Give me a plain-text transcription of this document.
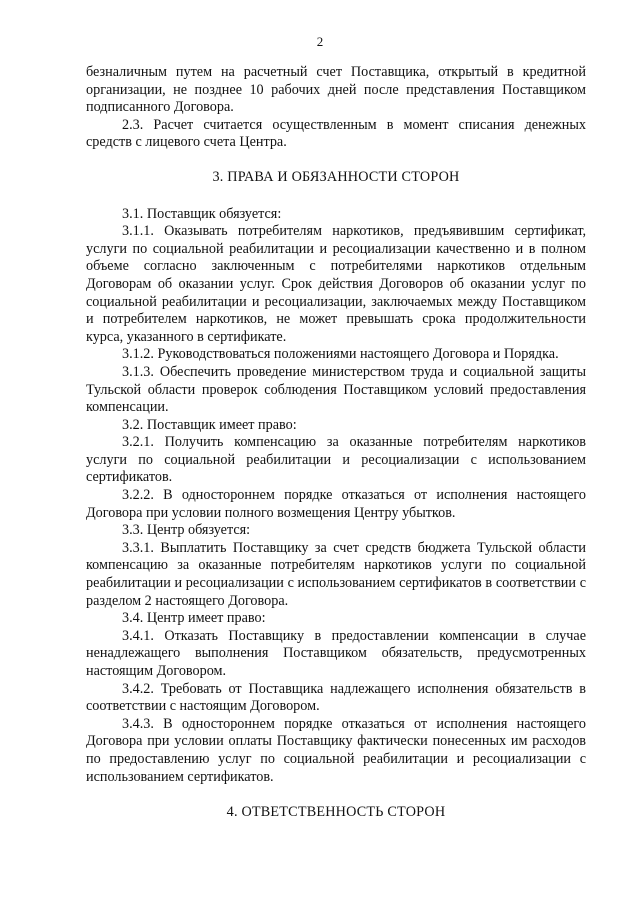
2

безналичным путем на расчетный счет Поставщика, открытый в кредитной организации, не позднее 10 рабочих дней после представления Поставщиком подписанного Договора.

2.3. Расчет считается осуществленным в момент списания денежных средств с лицевого счета Центра.

3. ПРАВА И ОБЯЗАННОСТИ СТОРОН

3.1. Поставщик обязуется:

3.1.1. Оказывать потребителям наркотиков, предъявившим сертификат, услуги по социальной реабилитации и ресоциализации качественно и в полном объеме согласно заключенным с потребителями наркотиков отдельным Договорам об оказании услуг. Срок действия Договоров об оказании услуг по социальной реабилитации и ресоциализации, заключаемых между Поставщиком и потребителем наркотиков, не может превышать срока продолжительности курса, указанного в сертификате.

3.1.2. Руководствоваться положениями настоящего Договора и Порядка.

3.1.3. Обеспечить проведение министерством труда и социальной защиты Тульской области проверок соблюдения Поставщиком условий предоставления компенсации.

3.2. Поставщик имеет право:

3.2.1. Получить компенсацию за оказанные потребителям наркотиков услуги по социальной реабилитации и ресоциализации с использованием сертификатов.

3.2.2. В одностороннем порядке отказаться от исполнения настоящего Договора при условии полного возмещения Центру убытков.

3.3. Центр обязуется:

3.3.1. Выплатить Поставщику за счет средств бюджета Тульской области компенсацию за оказанные потребителям наркотиков услуги по социальной реабилитации и ресоциализации с использованием сертификатов в соответствии с разделом 2 настоящего Договора.

3.4. Центр имеет право:

3.4.1. Отказать Поставщику в предоставлении компенсации в случае ненадлежащего выполнения Поставщиком обязательств, предусмотренных настоящим Договором.

3.4.2. Требовать от Поставщика надлежащего исполнения обязательств в соответствии с настоящим Договором.

3.4.3. В одностороннем порядке отказаться от исполнения настоящего Договора при условии оплаты Поставщику фактически понесенных им расходов по предоставлению услуг по социальной реабилитации и ресоциализации с использованием сертификатов.

4. ОТВЕТСТВЕННОСТЬ СТОРОН
